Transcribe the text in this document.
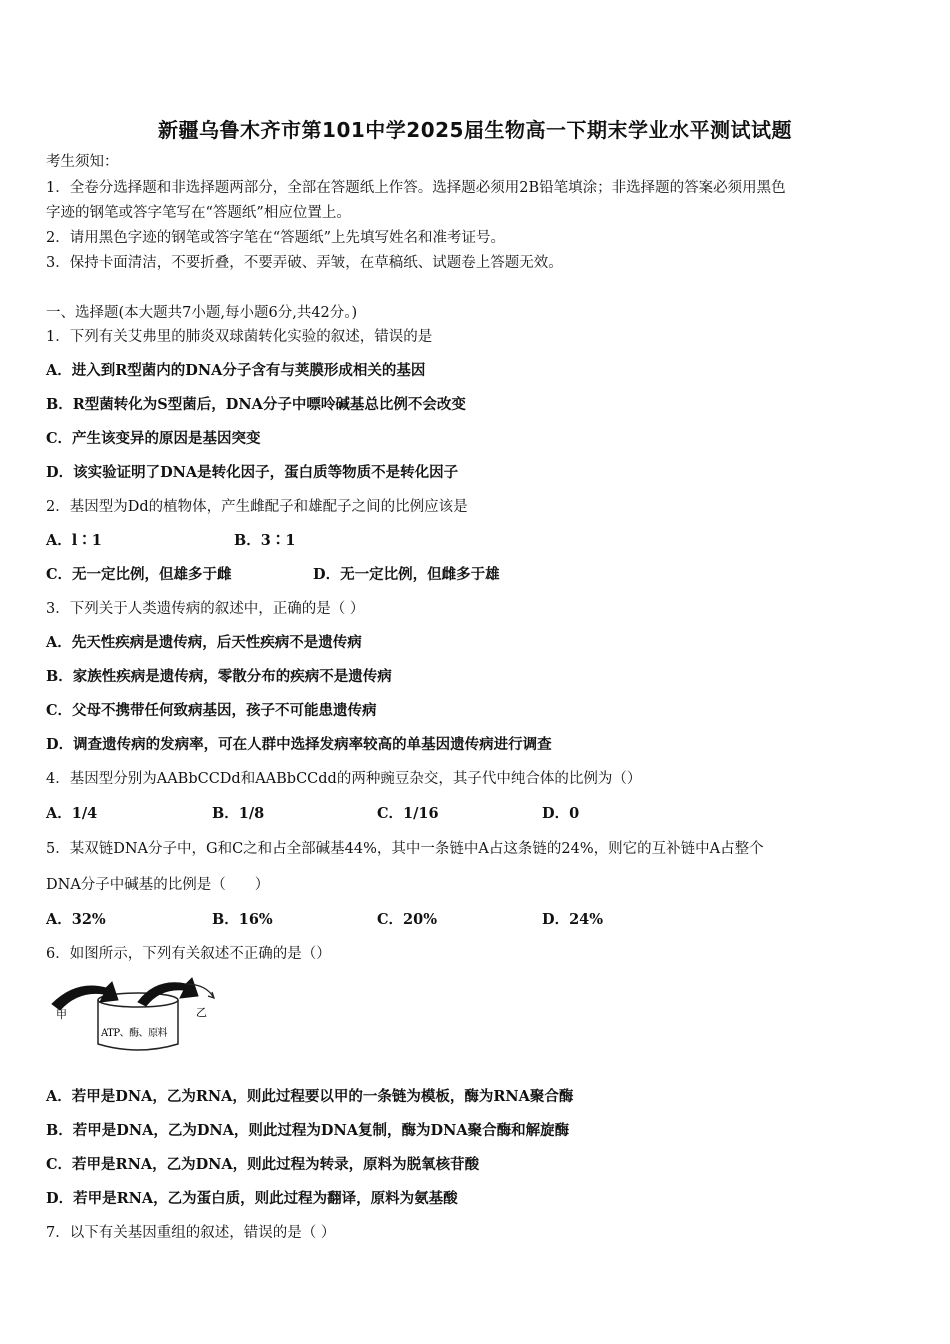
新疆乌鲁木齐市第101中学2025届生物高一下期末学业水平测试试题
考生须知：
1．全卷分选择题和非选择题两部分，全部在答题纸上作答。选择题必须用2B铅笔填涂；非选择题的答案必须用黑色
字迹的钢笔或答字笔写在“答题纸”相应位置上。
2．请用黑色字迹的钢笔或答字笔在“答题纸”上先填写姓名和准考证号。
3．保持卡面清洁，不要折叠，不要弄破、弄皱，在草稿纸、试题卷上答题无效。
一、选择题(本大题共7小题,每小题6分,共42分。)
1．下列有关艾弗里的肺炎双球菌转化实验的叙述，错误的是
A．进入到R型菌内的DNA分子含有与荚膜形成相关的基因
B．R型菌转化为S型菌后，DNA分子中嘌呤碱基总比例不会改变
C．产生该变异的原因是基因突变
D．该实验证明了DNA是转化因子，蛋白质等物质不是转化因子
2．基因型为Dd的植物体，产生雌配子和雄配子之间的比例应该是
A．l∶1	B．3∶1
C．无一定比例，但雄多于雌	D．无一定比例，但雌多于雄
3．下列关于人类遗传病的叙述中，正确的是（ ）
A．先天性疾病是遗传病，后天性疾病不是遗传病
B．家族性疾病是遗传病，零散分布的疾病不是遗传病
C．父母不携带任何致病基因，孩子不可能患遗传病
D．调查遗传病的发病率，可在人群中选择发病率较高的单基因遗传病进行调查
4．基因型分别为AABbCCDd和AABbCCdd的两种豌豆杂交，其子代中纯合体的比例为（）
A．1/4	B．1/8	C．1/16	D．0
5．某双链DNA分子中，G和C之和占全部碱基44%，其中一条链中A占这条链的24%，则它的互补链中A占整个
DNA分子中碱基的比例是（　　）
A．32%	B．16%	C．20%	D．24%
6．如图所示，下列有关叙述不正确的是（）
甲	乙
ATP、酶、原料
A．若甲是DNA，乙为RNA，则此过程要以甲的一条链为模板，酶为RNA聚合酶
B．若甲是DNA，乙为DNA，则此过程为DNA复制，酶为DNA聚合酶和解旋酶
C．若甲是RNA，乙为DNA，则此过程为转录，原料为脱氧核苷酸
D．若甲是RNA，乙为蛋白质，则此过程为翻译，原料为氨基酸
7．以下有关基因重组的叙述，错误的是（ ）
